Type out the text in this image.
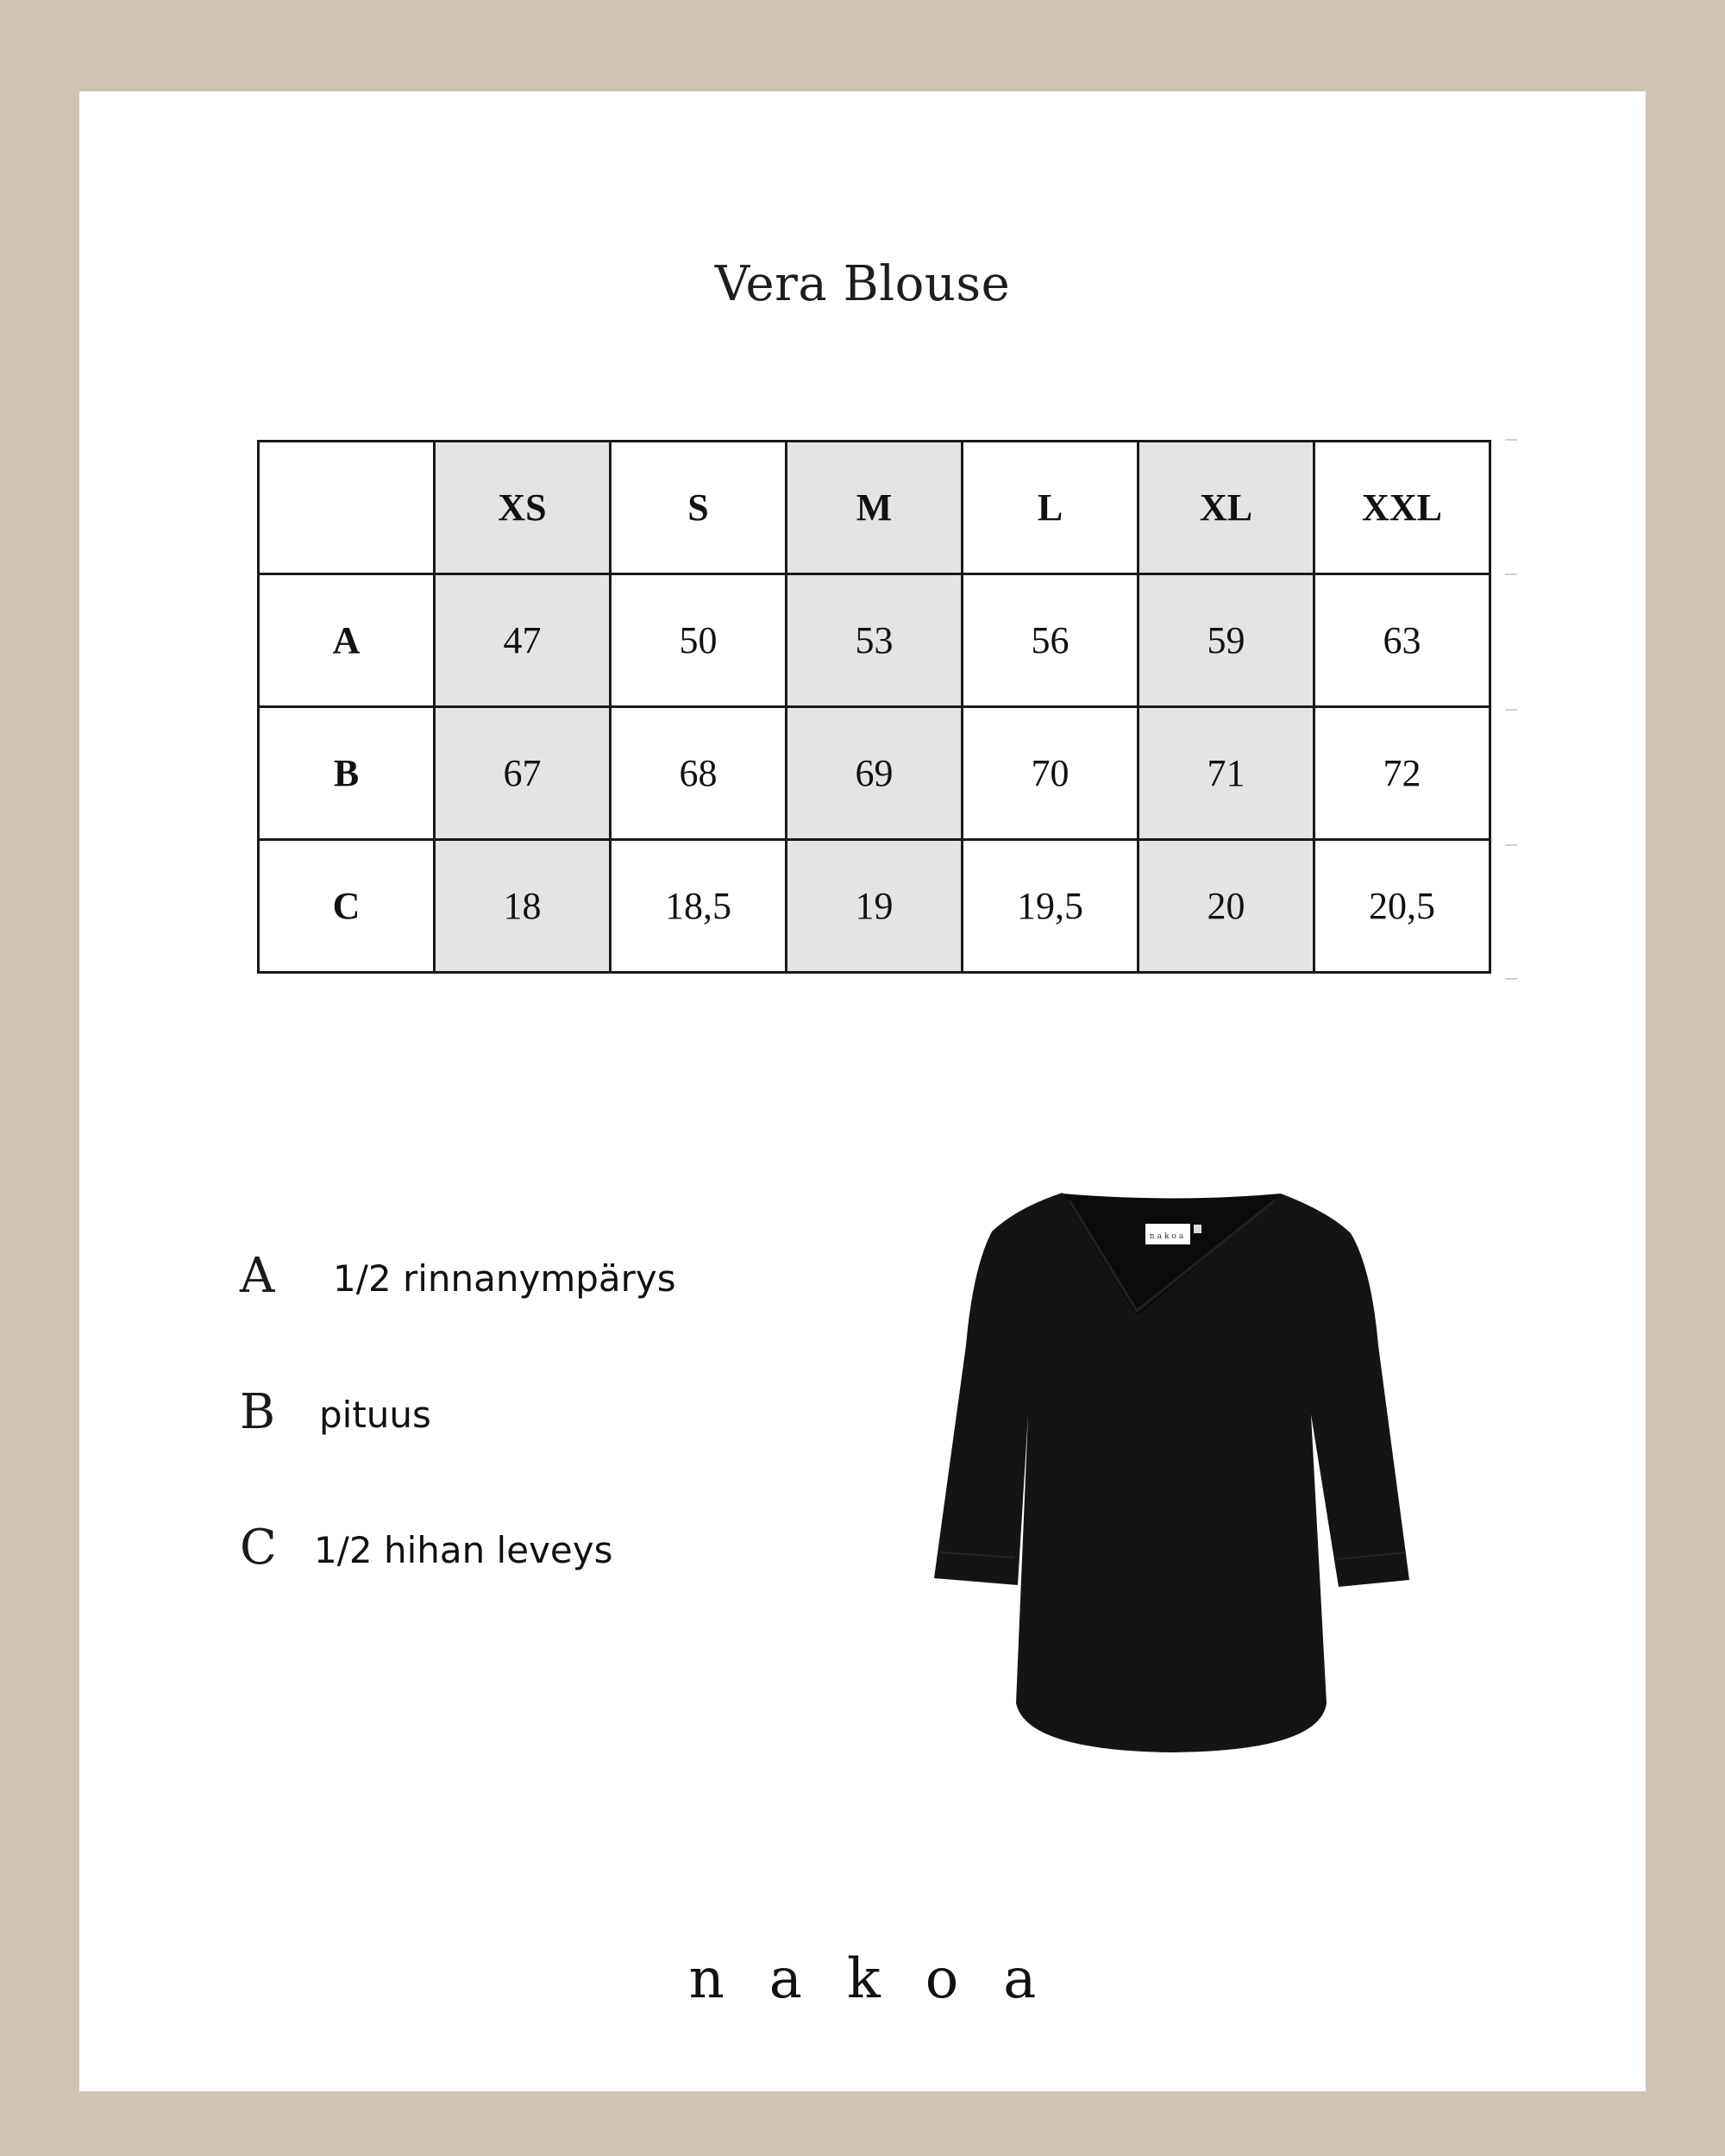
Vera Blouse
	XS	S	M	L	XL	XXL
A	47	50	53	56	59	63
B	67	68	69	70	71	72
C	18	18,5	19	19,5	20	20,5
A 1/2 rinnanympärys
B pituus
C 1/2 hihan leveys
nakoa
nakoa
